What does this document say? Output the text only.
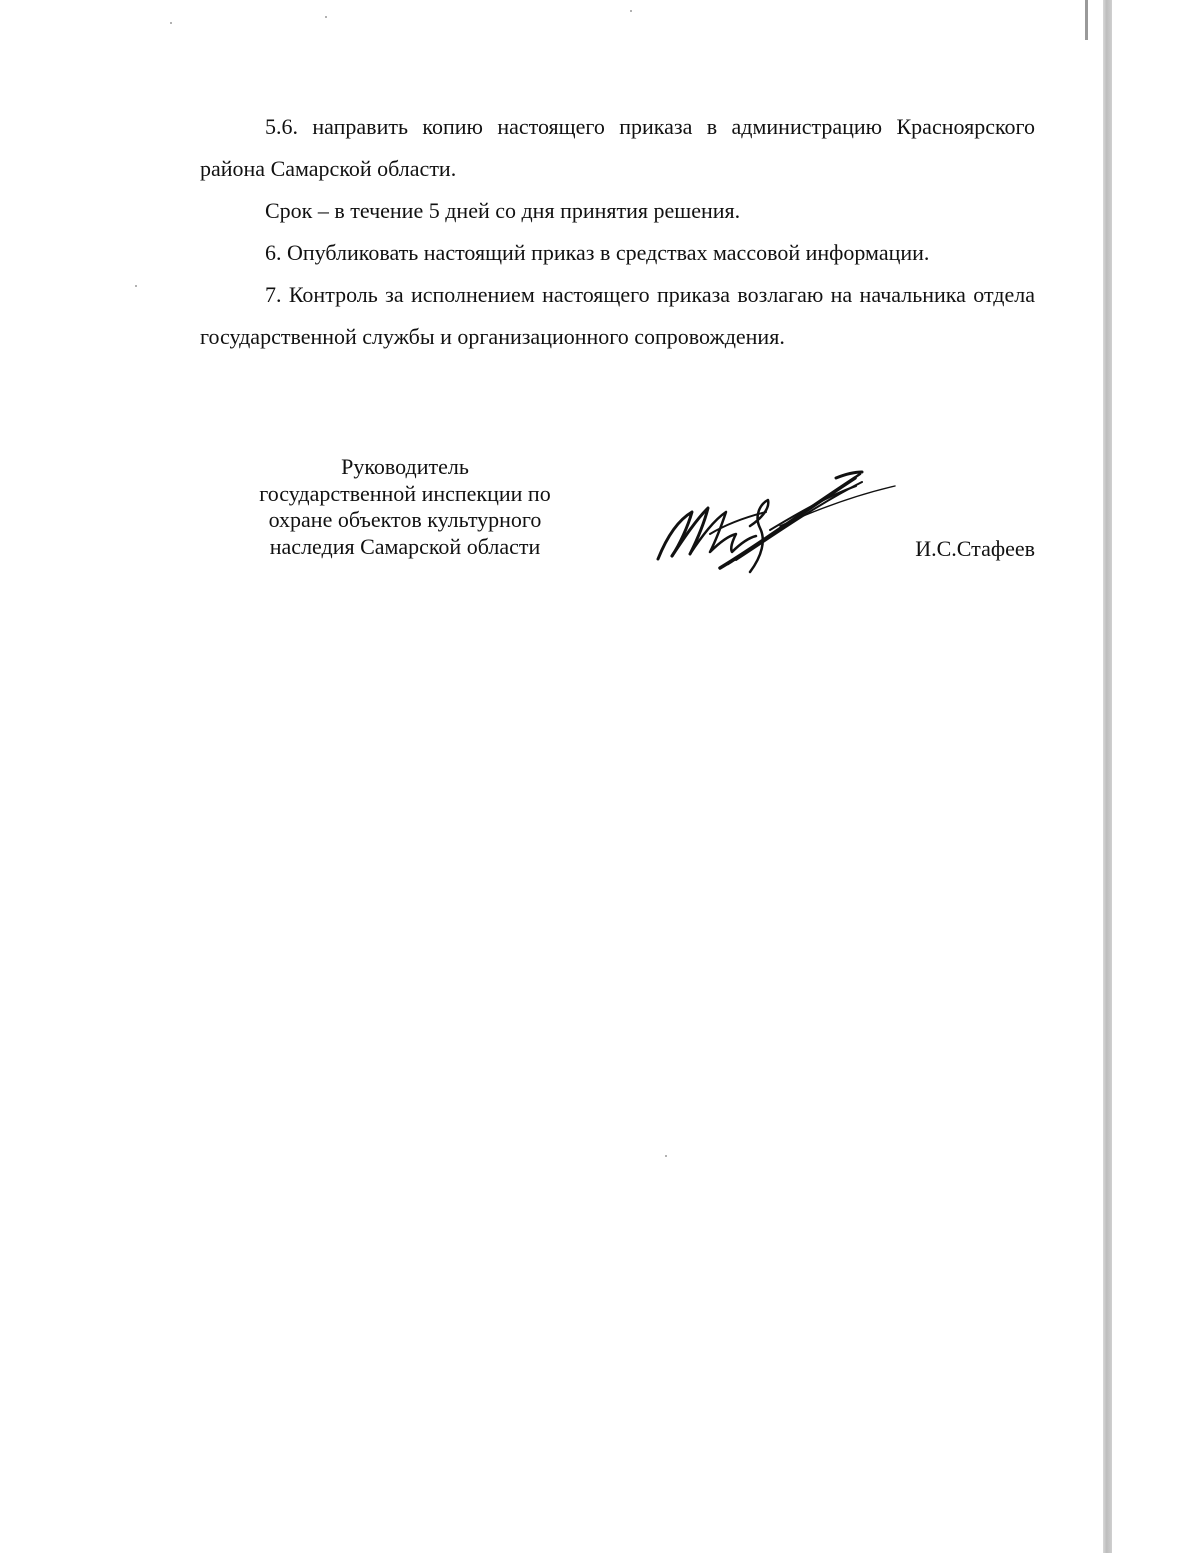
5.6. направить копию настоящего приказа в администрацию Красноярского района Самарской области.

Срок – в течение 5 дней со дня принятия решения.

6. Опубликовать настоящий приказ в средствах массовой информации.

7. Контроль за исполнением настоящего приказа возлагаю на начальника отдела государственной службы и организационного сопровождения.

Руководитель
государственной инспекции по
охране объектов культурного
наследия Самарской области	И.С.Стафеев
